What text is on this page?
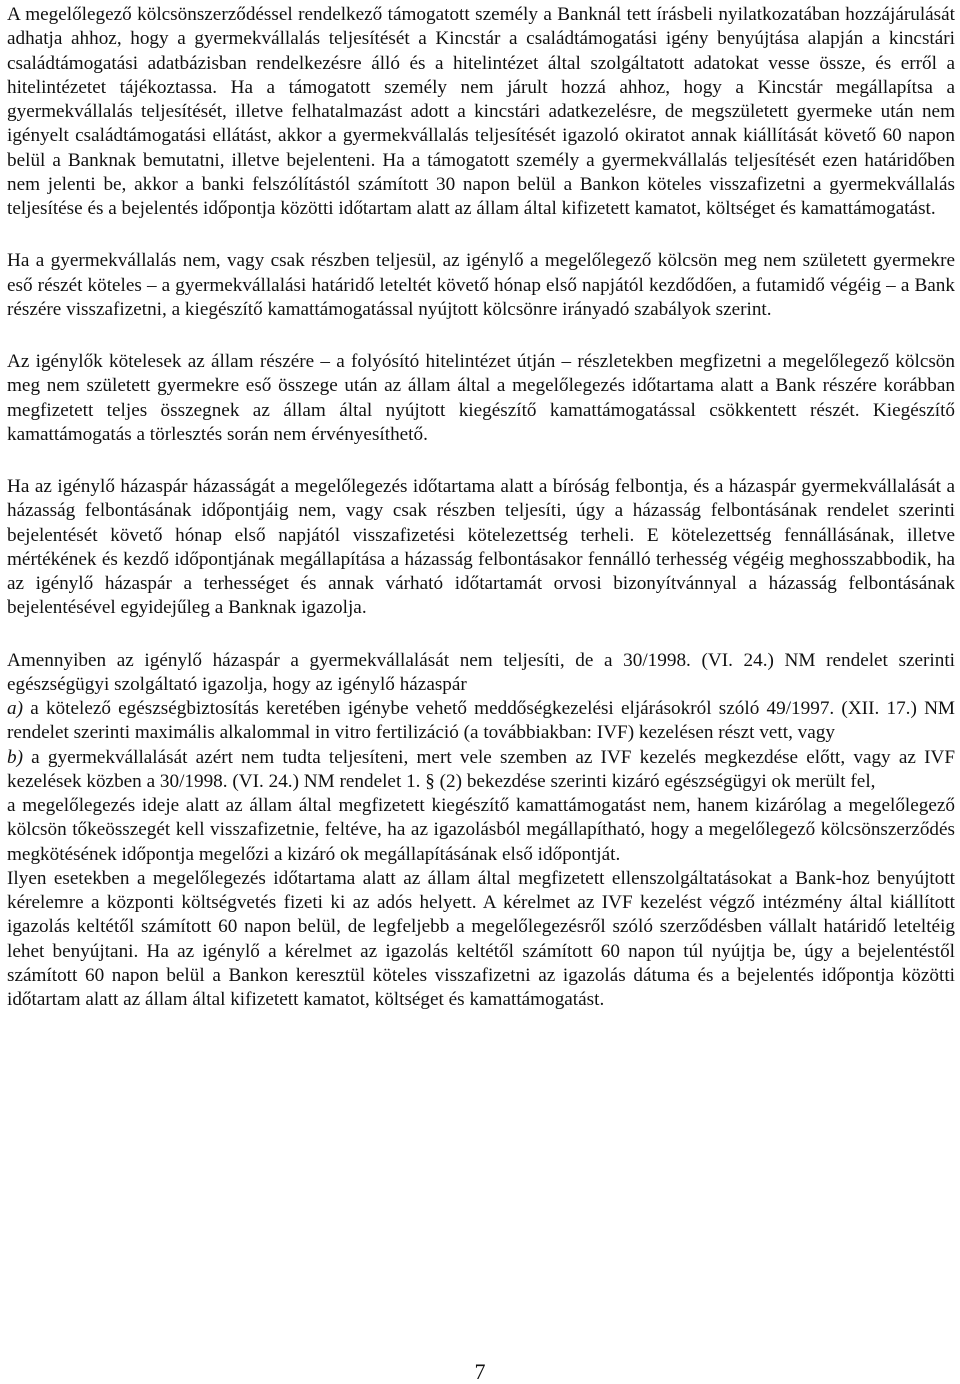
A megelőlegező kölcsönszerződéssel rendelkező támogatott személy a Banknál tett írásbeli nyilatkozatában hozzájárulását adhatja ahhoz, hogy a gyermekvállalás teljesítését a Kincstár a családtámogatási igény benyújtása alapján a kincstári családtámogatási adatbázisban rendelkezésre álló és a hitelintézet által szolgáltatott adatokat vesse össze, és erről a hitelintézetet tájékoztassa. Ha a támogatott személy nem járult hozzá ahhoz, hogy a Kincstár megállapítsa a gyermekvállalás teljesítését, illetve felhatalmazást adott a kincstári adatkezelésre, de megszületett gyermeke után nem igényelt családtámogatási ellátást, akkor a gyermekvállalás teljesítését igazoló okiratot annak kiállítását követő 60 napon belül a Banknak bemutatni, illetve bejelenteni. Ha a támogatott személy a gyermekvállalás teljesítését ezen határidőben nem jelenti be, akkor a banki felszólítástól számított 30 napon belül a Bankon köteles visszafizetni a gyermekvállalás teljesítése és a bejelentés időpontja közötti időtartam alatt az állam által kifizetett kamatot, költséget és kamattámogatást.

Ha a gyermekvállalás nem, vagy csak részben teljesül, az igénylő a megelőlegező kölcsön meg nem született gyermekre eső részét köteles – a gyermekvállalási határidő leteltét követő hónap első napjától kezdődően, a futamidő végéig – a Bank részére visszafizetni, a kiegészítő kamattámogatással nyújtott kölcsönre irányadó szabályok szerint.

Az igénylők kötelesek az állam részére – a folyósító hitelintézet útján – részletekben megfizetni a megelőlegező kölcsön meg nem született gyermekre eső összege után az állam által a megelőlegezés időtartama alatt a Bank részére korábban megfizetett teljes összegnek az állam által nyújtott kiegészítő kamattámogatással csökkentett részét. Kiegészítő kamattámogatás a törlesztés során nem érvényesíthető.

Ha az igénylő házaspár házasságát a megelőlegezés időtartama alatt a bíróság felbontja, és a házaspár gyermekvállalását a házasság felbontásának időpontjáig nem, vagy csak részben teljesíti, úgy a házasság felbontásának rendelet szerinti bejelentését követő hónap első napjától visszafizetési kötelezettség terheli. E kötelezettség fennállásának, illetve mértékének és kezdő időpontjának megállapítása a házasság felbontásakor fennálló terhesség végéig meghosszabbodik, ha az igénylő házaspár a terhességet és annak várható időtartamát orvosi bizonyítvánnyal a házasság felbontásának bejelentésével egyidejűleg a Banknak igazolja.

Amennyiben az igénylő házaspár a gyermekvállalását nem teljesíti, de a 30/1998. (VI. 24.) NM rendelet szerinti egészségügyi szolgáltató igazolja, hogy az igénylő házaspár

a) a kötelező egészségbiztosítás keretében igénybe vehető meddőségkezelési eljárásokról szóló 49/1997. (XII. 17.) NM rendelet szerinti maximális alkalommal in vitro fertilizáció (a továbbiakban: IVF) kezelésen részt vett, vagy

b) a gyermekvállalását azért nem tudta teljesíteni, mert vele szemben az IVF kezelés megkezdése előtt, vagy az IVF kezelések közben a 30/1998. (VI. 24.) NM rendelet 1. § (2) bekezdése szerinti kizáró egészségügyi ok merült fel,

a megelőlegezés ideje alatt az állam által megfizetett kiegészítő kamattámogatást nem, hanem kizárólag a megelőlegező kölcsön tőkeösszegét kell visszafizetnie, feltéve, ha az igazolásból megállapítható, hogy a megelőlegező kölcsönszerződés megkötésének időpontja megelőzi a kizáró ok megállapításának első időpontját.

Ilyen esetekben a megelőlegezés időtartama alatt az állam által megfizetett ellenszolgáltatásokat a Bank-hoz benyújtott kérelemre a központi költségvetés fizeti ki az adós helyett. A kérelmet az IVF kezelést végző intézmény által kiállított igazolás keltétől számított 60 napon belül, de legfeljebb a megelőlegezésről szóló szerződésben vállalt határidő leteltéig lehet benyújtani. Ha az igénylő a kérelmet az igazolás keltétől számított 60 napon túl nyújtja be, úgy a bejelentéstől számított 60 napon belül a Bankon keresztül köteles visszafizetni az igazolás dátuma és a bejelentés időpontja közötti időtartam alatt az állam által kifizetett kamatot, költséget és kamattámogatást.

7
